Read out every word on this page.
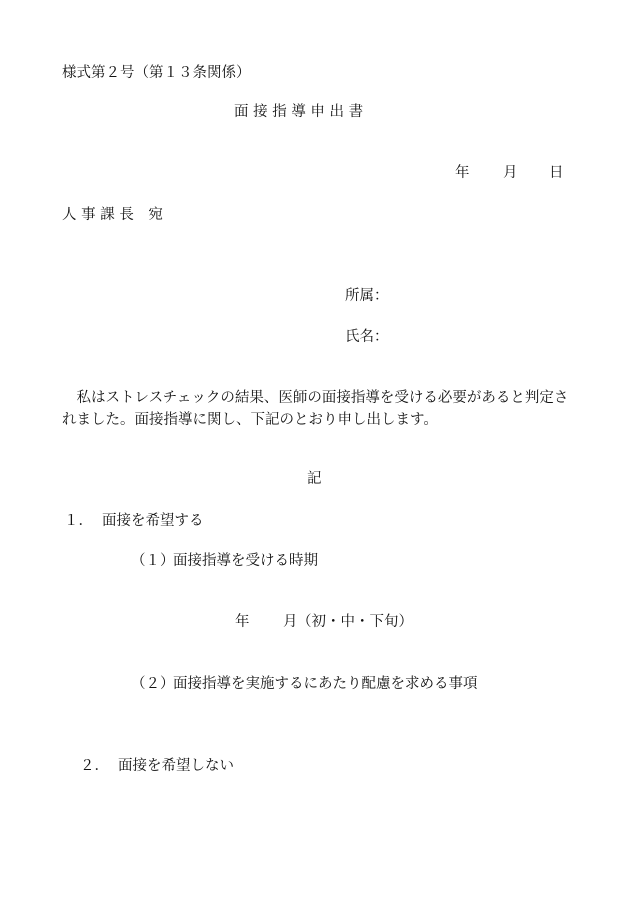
様式第２号（第１３条関係）
面 接 指 導 申 出 書
年 月 日
人 事 課 長　宛
所属：
氏名：
私はストレスチェックの結果、医師の面接指導を受ける必要があると判定されました。面接指導に関し、下記のとおり申し出します。
記
１． 面接を希望する
（１）
面接指導を受ける時期
年 月 （初・中・下旬）
（２）
面接指導を実施するにあたり配慮を求める事項
２． 面接を希望しない
